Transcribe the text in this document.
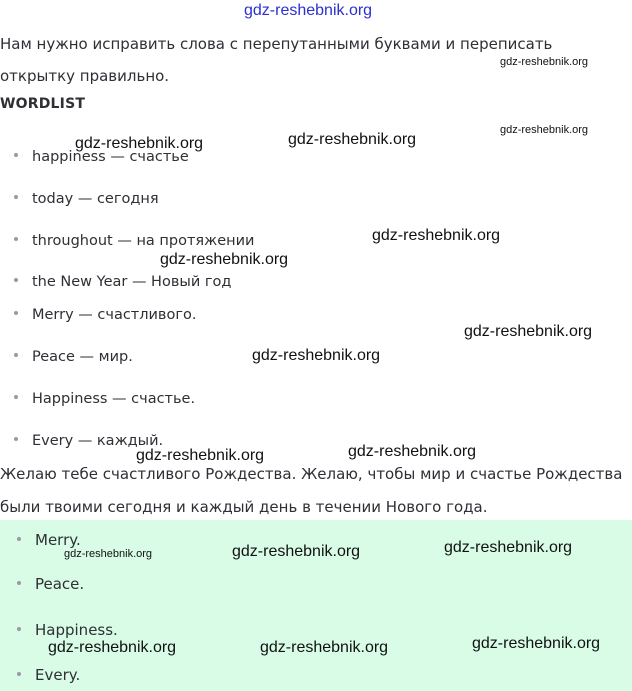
gdz-reshebnik.org

Нам нужно исправить слова с перепутанными буквами и переписать открытку правильно.

WORDLIST
happiness — счастье
today — сегодня
throughout — на протяжении
the New Year — Новый год
Merry — счастливого.
Peace — мир.
Happiness — счастье.
Every — каждый.

Желаю тебе счастливого Рождества. Желаю, чтобы мир и счастье Рождества были твоими сегодня и каждый день в течении Нового года.

Merry.
Peace.
Happiness.
Every.
gdz-reshebnik.org
gdz-reshebnik.org
gdz-reshebnik.org	gdz-reshebnik.org
gdz-reshebnik.org
gdz-reshebnik.org
gdz-reshebnik.org
gdz-reshebnik.org
gdz-reshebnik.org	gdz-reshebnik.org
gdz-reshebnik.org	gdz-reshebnik.org	gdz-reshebnik.org
gdz-reshebnik.org	gdz-reshebnik.org	gdz-reshebnik.org
